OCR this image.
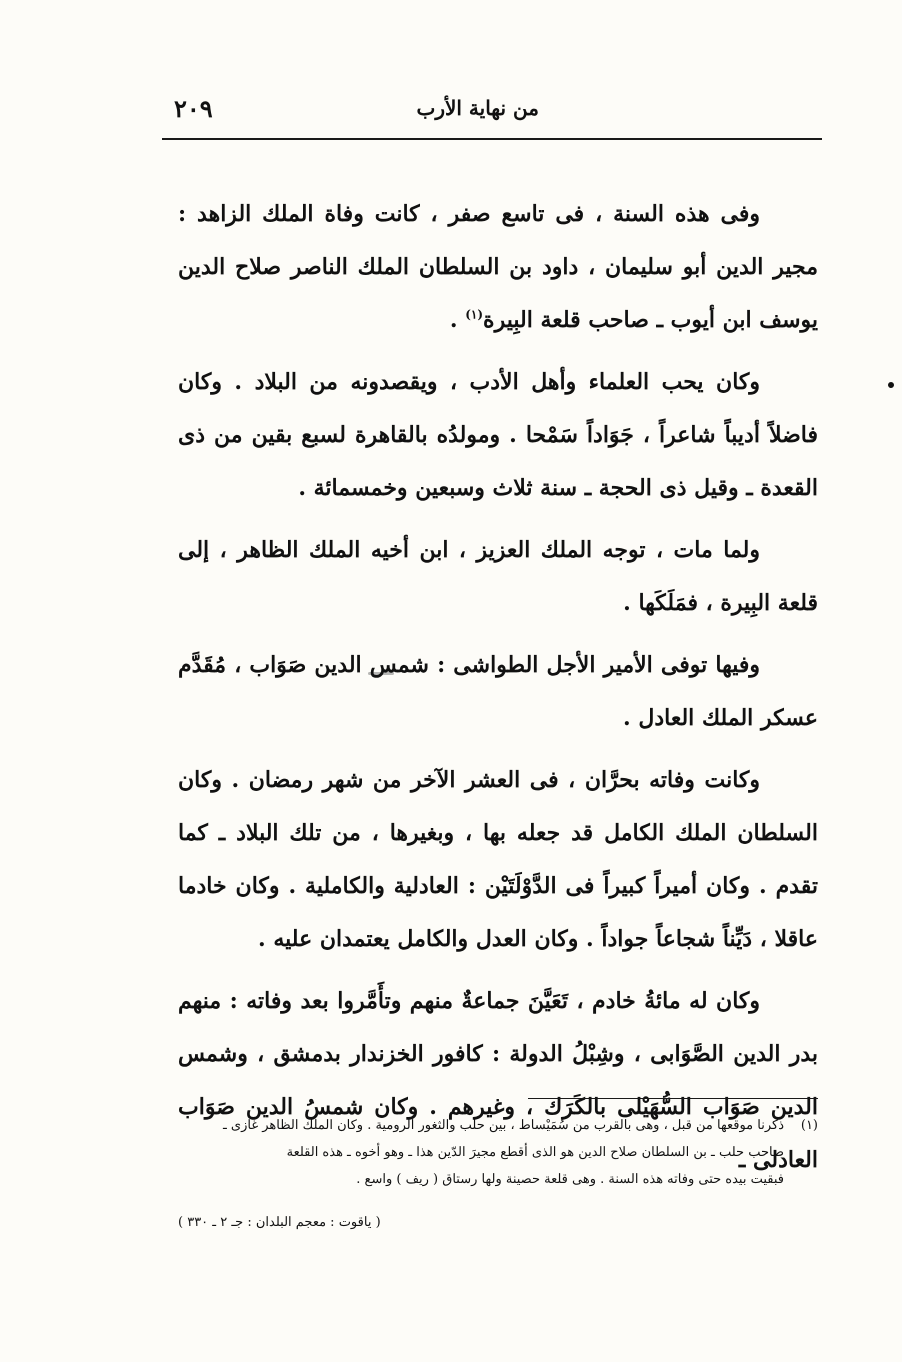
من نهاية الأرب
٢٠٩

وفى هذه السنة ، فى تاسع صفر ، كانت وفاة الملك الزاهد : مجير الدين أبو سليمان ، داود بن السلطان الملك الناصر صلاح الدين يوسف ابن أيوب ـ صاحب قلعة البِيرة$^{(١)}$ .

وكان يحب العلماء وأهل الأدب ، ويقصدونه من البلاد . وكان فاضلاً أديباً شاعراً ، جَوَاداً سَمْحا . ومولدُه بالقاهرة لسبع بقين من ذى القعدة ـ وقيل ذى الحجة ـ سنة ثلاث وسبعين وخمسمائة .

ولما مات ، توجه الملك العزيز ، ابن أخيه الملك الظاهر ، إلى قلعة البِيرة ، فمَلَكَها .

وفيها توفى الأمير الأجل الطواشى : شمس الدين صَوَاب ، مُقَدَّم عسكر الملك العادل .

وكانت وفاته بحرَّان ، فى العشر الآخر من شهر رمضان . وكان السلطان الملك الكامل قد جعله بها ، وبغيرها ، من تلك البلاد ـ كما تقدم . وكان أميراً كبيراً فى الدَّوْلَتَيْن : العادلية والكاملية . وكان خادما عاقلا ، دَيِّناً شجاعاً جواداً . وكان العدل والكامل يعتمدان عليه .

وكان له مائةُ خادم ، تَعَيَّنَ جماعةٌ منهم وتأَمَّروا بعد وفاته : منهم بدر الدين الصَّوَابى ، وشِبْلُ الدولة : كافور الخزندار بدمشق ، وشمس الدين صَوَاب السُّهَيْلى بالكَرَك ، وغيرهم . وكان شمسُ الدين صَوَاب العادلى ـ

(١)
ذكرنا موقعها من قبل ، وهى بالقرب من سُمَيْساط ، بين حلب والثغور الرومية . وكان الملك الظاهر غازى ـ
صاحب حلب ـ بن السلطان صلاح الدين هو الذى أقطع مجيرَ الدّين هذا ـ وهو أخوه ـ هذه القلعة
فبقيت بيده حتى وفاته هذه السنة . وهى قلعة حصينة ولها رستاق ( ريف ) واسع .
( ياقوت : معجم البلدان : جـ ٢ ـ ٣٣٠ )
